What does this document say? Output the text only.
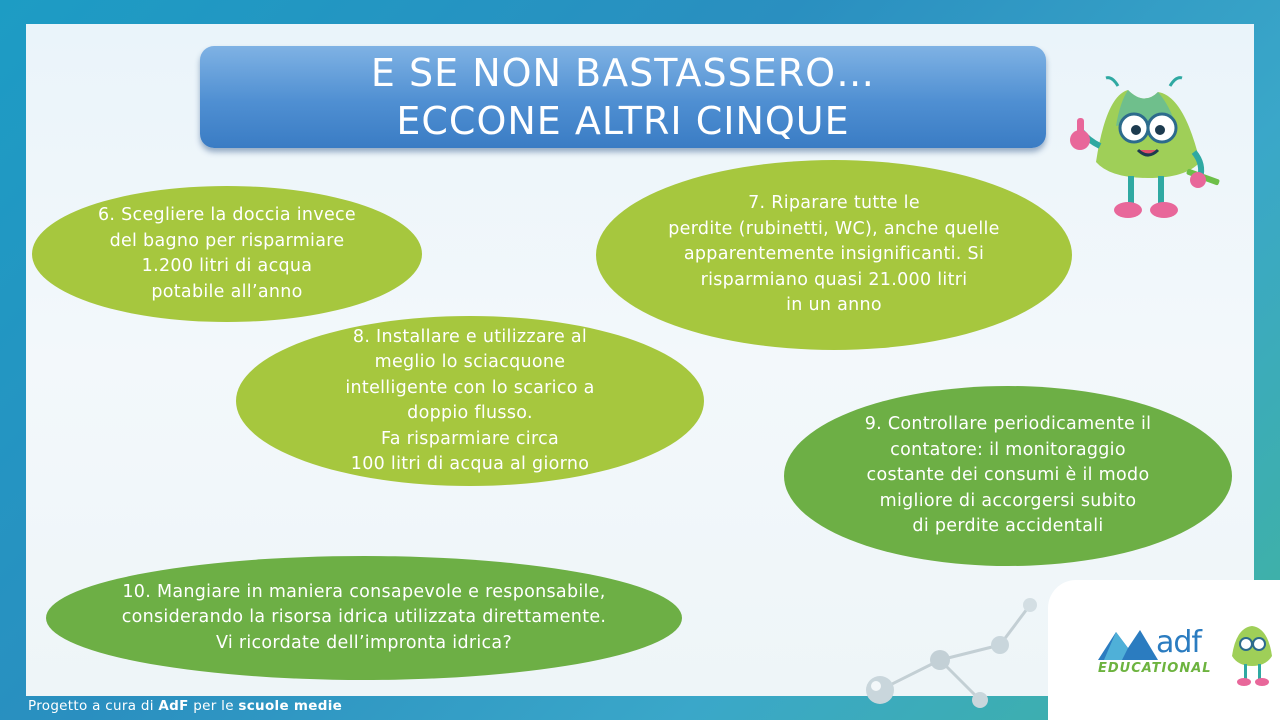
E SE NON BASTASSERO…
ECCONE ALTRI CINQUE
6. Scegliere la doccia invece
del bagno per risparmiare
1.200 litri di acqua
potabile all’anno
7. Riparare tutte le
perdite (rubinetti, WC), anche quelle
apparentemente insignificanti. Si
risparmiano quasi 21.000 litri
in un anno
8. Installare e utilizzare al
meglio lo sciacquone
intelligente con lo scarico a
doppio flusso.
Fa risparmiare circa
100 litri di acqua al giorno
9. Controllare periodicamente il
contatore: il monitoraggio
costante dei consumi è il modo
migliore di accorgersi subito
di perdite accidentali
10. Mangiare in maniera consapevole e responsabile,
considerando la risorsa idrica utilizzata direttamente.
Vi ricordate dell’impronta idrica?	adf
EDUCATIONAL
Progetto a cura di AdF per le scuole medie
